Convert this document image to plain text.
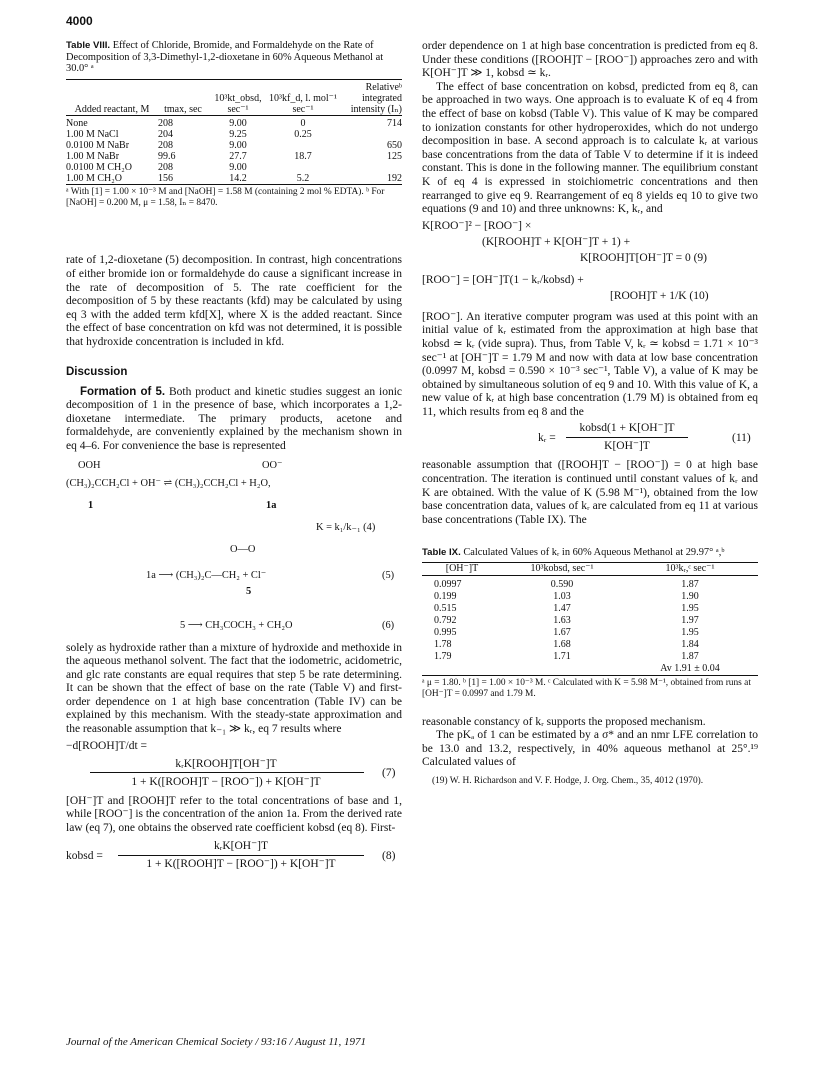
4000

Table VIII. Effect of Chloride, Bromide, and Formaldehyde on the Rate of Decomposition of 3,3-Dimethyl-1,2-dioxetane in 60% Aqueous Methanol at 30.0° ᵃ

Added reactant, M	tmax, sec	10³kt_obsd, sec⁻¹	10³kf_d, l. mol⁻¹ sec⁻¹	Relativeᵇ integrated intensity (Iₙ)

None	208	9.00	0	714
1.00 M NaCl	204	9.25	0.25	
0.0100 M NaBr	208	9.00		650
1.00 M NaBr	99.6	27.7	18.7	125
0.0100 M CH₂O	208	9.00		
1.00 M CH₂O	156	14.2	5.2	192

ᵃ With [1] = 1.00 × 10⁻³ M and [NaOH] = 1.58 M (containing 2 mol % EDTA). ᵇ For [NaOH] = 0.200 M, μ = 1.58, Iₙ = 8470.

rate of 1,2-dioxetane (5) decomposition. In contrast, high concentrations of either bromide ion or formaldehyde do cause a significant increase in the rate of decomposition of 5. The rate coefficient for the decomposition of 5 by these reactants (kfd) may be calculated by using eq 3 with the added term kfd[X], where X is the added reactant. Since the effect of base concentration on kfd was not determined, it is possible that hydroxide concentration is included in kfd.

Discussion

Formation of 5. Both product and kinetic studies suggest an ionic decomposition of 1 in the presence of base, which incorporates a 1,2-dioxetane intermediate. The primary products, acetone and formaldehyde, are conveniently explained by the mechanism shown in eq 4–6. For convenience the base is represented

OOH	OO⁻
(CH₃)₂CCH₂Cl + OH⁻ ⇌ (CH₃)₂CCH₂Cl + H₂O,
1	1a
K = k₁/k₋₁ (4)
O—O
1a ⟶ (CH₃)₂C—CH₂ + Cl⁻	(5)
5
5 ⟶ CH₃COCH₃ + CH₂O	(6)

solely as hydroxide rather than a mixture of hydroxide and methoxide in the aqueous methanol solvent. The fact that the iodometric, acidometric, and glc rate constants are equal requires that step 5 be rate determining. It can be shown that the effect of base on the rate (Table V) and first-order dependence on 1 at high base concentration (Table IV) can be explained by this mechanism. With the steady-state approximation and the reasonable assumption that k₋₁ ≫ kᵣ, eq 7 results where

−d[ROOH]T/dt =
kᵣK[ROOH]T[OH⁻]T
1 + K([ROOH]T − [ROO⁻]) + K[OH⁻]T
(7)

[OH⁻]T and [ROOH]T refer to the total concentrations of base and 1, while [ROO⁻] is the concentration of the anion 1a. From the derived rate law (eq 7), one obtains the observed rate coefficient kobsd (eq 8). First-

kobsd =
kᵣK[OH⁻]T
1 + K([ROOH]T − [ROO⁻]) + K[OH⁻]T
(8)

order dependence on 1 at high base concentration is predicted from eq 8. Under these conditions ([ROOH]T − [ROO⁻]) approaches zero and with K[OH⁻]T ≫ 1, kobsd ≃ kᵣ.

The effect of base concentration on kobsd, predicted from eq 8, can be approached in two ways. One approach is to evaluate K of eq 4 from the effect of base on kobsd (Table V). This value of K may be compared to ionization constants for other hydroperoxides, which do not undergo decomposition in base. A second approach is to calculate kᵣ at various base concentrations from the data of Table V to determine if it is indeed constant. This is done in the following manner. The equilibrium constant K of eq 4 is expressed in stoichiometric concentrations and then rearranged to give eq 9. Rearrangement of eq 8 yields eq 10 to give two equations (9 and 10) and three unknowns: K, kᵣ, and

K[ROO⁻]² − [ROO⁻] ×
(K[ROOH]T + K[OH⁻]T + 1) +
K[ROOH]T[OH⁻]T = 0 (9)
[ROO⁻] = [OH⁻]T(1 − kᵣ/kobsd) +
[ROOH]T + 1/K (10)

[ROO⁻]. An iterative computer program was used at this point with an initial value of kᵣ estimated from the approximation at high base that kobsd ≃ kᵣ (vide supra). Thus, from Table V, kᵣ ≃ kobsd = 1.71 × 10⁻³ sec⁻¹ at [OH⁻]T = 1.79 M and now with data at low base concentration (0.0997 M, kobsd = 0.590 × 10⁻³ sec⁻¹, Table V), a value of K may be obtained by simultaneous solution of eq 9 and 10. With this value of K, a new value of kᵣ at high base concentration (1.79 M) is obtained from eq 11, which results from eq 8 and the

kᵣ =
kobsd(1 + K[OH⁻]T
K[OH⁻]T
(11)

reasonable assumption that ([ROOH]T − [ROO⁻]) = 0 at high base concentration. The iteration is continued until constant values of kᵣ and K are obtained. With the value of K (5.98 M⁻¹), obtained from the low base concentration data, values of kᵣ are calculated from eq 11 at various base concentrations (Table IX). The

Table IX. Calculated Values of kᵣ in 60% Aqueous Methanol at 29.97° ᵃ,ᵇ

[OH⁻]T	10³kobsd, sec⁻¹	10³kᵣ,ᶜ sec⁻¹

0.0997	0.590	1.87
0.199	1.03	1.90
0.515	1.47	1.95
0.792	1.63	1.97
0.995	1.67	1.95
1.78	1.68	1.84
1.79	1.71	1.87
		Av 1.91 ± 0.04

ᵃ μ = 1.80. ᵇ [1] = 1.00 × 10⁻³ M. ᶜ Calculated with K = 5.98 M⁻¹, obtained from runs at [OH⁻]T = 0.0997 and 1.79 M.

reasonable constancy of kᵣ supports the proposed mechanism.

The pKₐ of 1 can be estimated by a σ* and an nmr LFE correlation to be 13.0 and 13.2, respectively, in 40% aqueous methanol at 25°.¹⁹ Calculated values of

(19) W. H. Richardson and V. F. Hodge, J. Org. Chem., 35, 4012 (1970).

Journal of the American Chemical Society / 93:16 / August 11, 1971
